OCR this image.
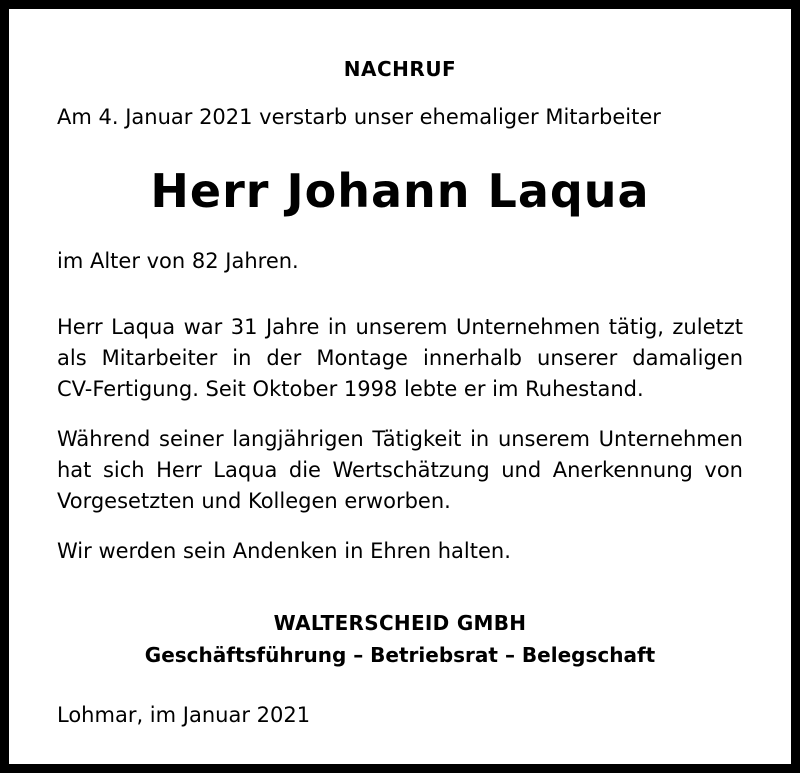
NACHRUF
Am 4. Januar 2021 verstarb unser ehemaliger Mitarbeiter
Herr Johann Laqua
im Alter von 82 Jahren.
Herr Laqua war 31 Jahre in unserem Unternehmen tätig, zuletzt
als Mitarbeiter in der Montage innerhalb unserer damaligen
CV-Fertigung. Seit Oktober 1998 lebte er im Ruhestand.
Während seiner langjährigen Tätigkeit in unserem Unternehmen
hat sich Herr Laqua die Wertschätzung und Anerkennung von
Vorgesetzten und Kollegen erworben.
Wir werden sein Andenken in Ehren halten.
WALTERSCHEID GMBH
Geschäftsführung – Betriebsrat – Belegschaft
Lohmar, im Januar 2021
